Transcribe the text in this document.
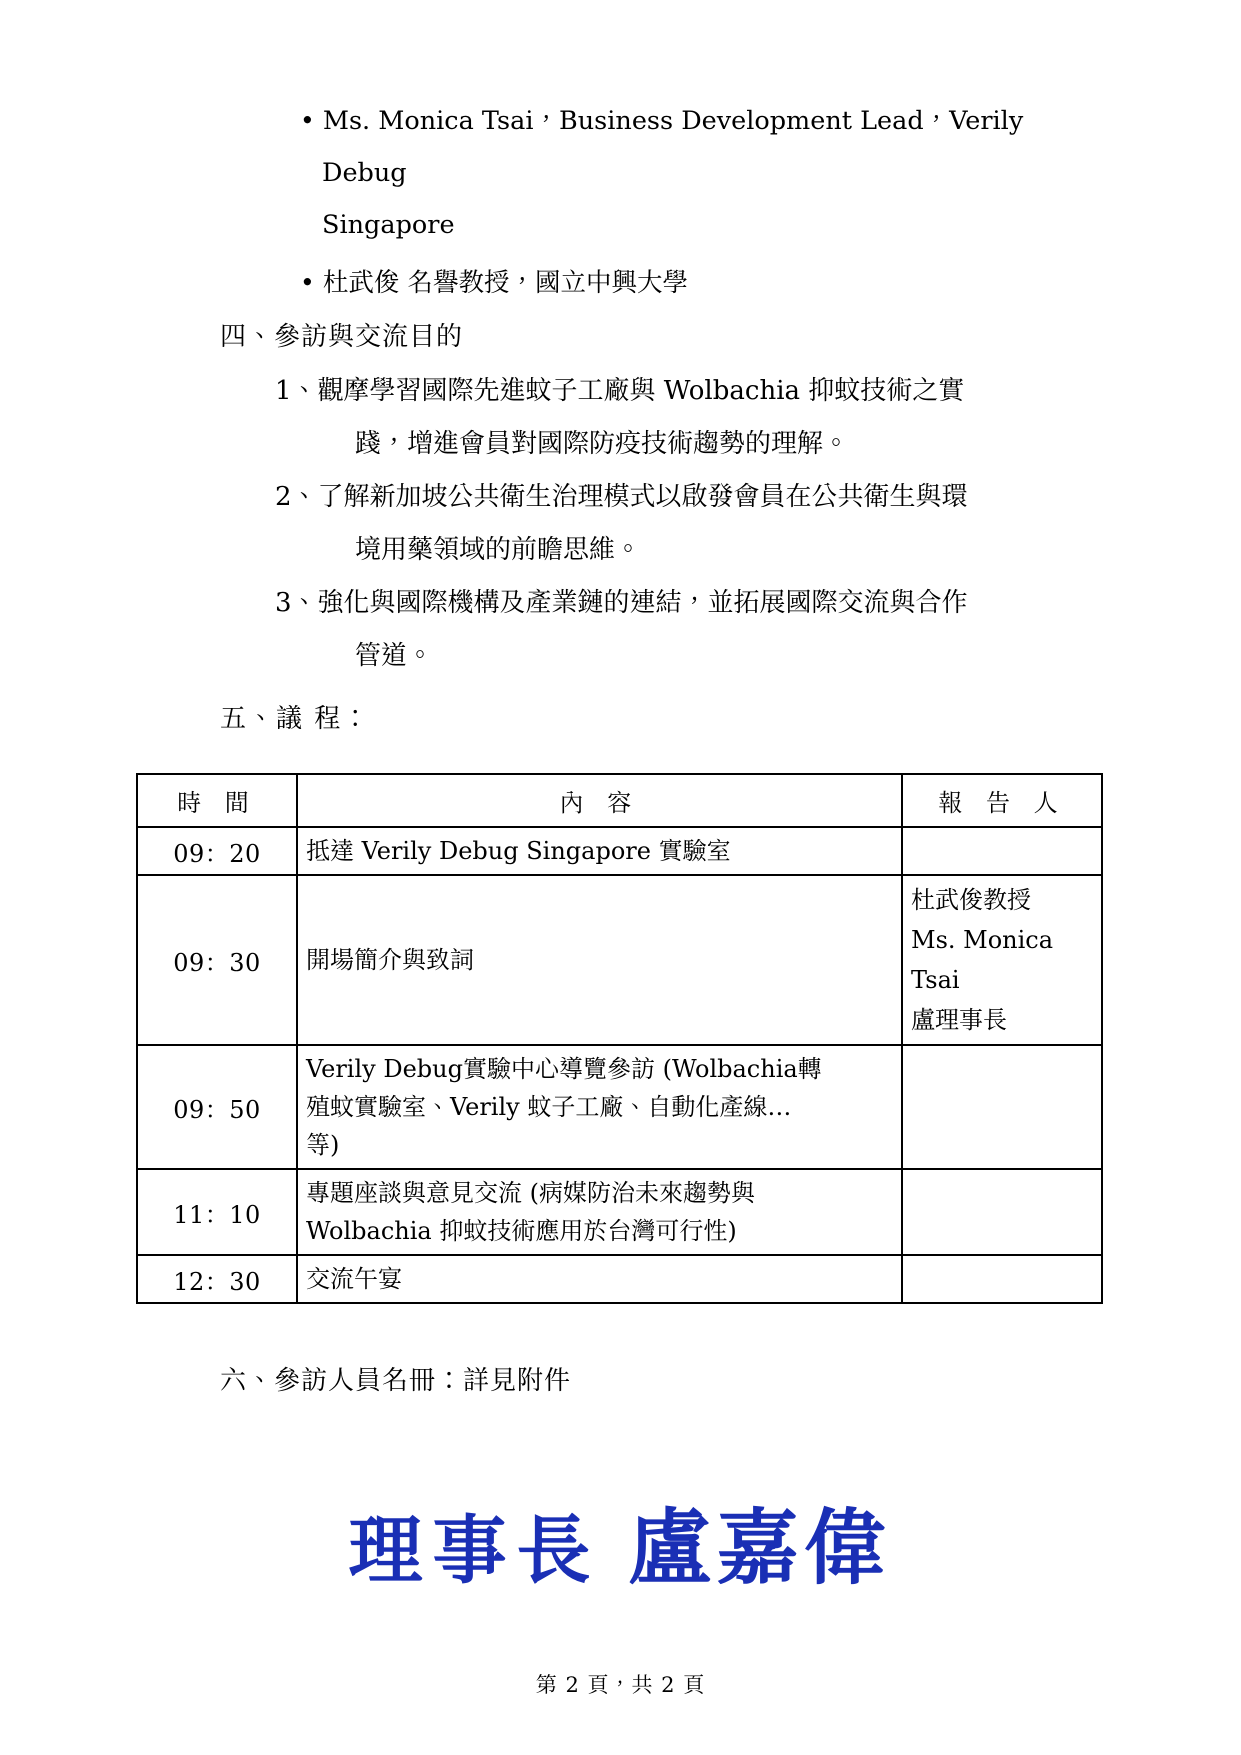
• Ms. Monica Tsai，Business Development Lead，Verily Debug
Singapore
• 杜武俊 名譽教授，國立中興大學
四、參訪與交流目的
1、觀摩學習國際先進蚊子工廠與 Wolbachia 抑蚊技術之實
踐，增進會員對國際防疫技術趨勢的理解。
2、了解新加坡公共衛生治理模式以啟發會員在公共衛生與環
境用藥領域的前瞻思維。
3、強化與國際機構及產業鏈的連結，並拓展國際交流與合作
管道。
五、議 程：
時 間	內 容	報 告 人
09：20	抵達 Verily Debug Singapore 實驗室	

09：30	開場簡介與致詞	杜武俊教授
Ms. Monica Tsai
盧理事長

09：50	Verily Debug實驗中心導覽參訪 (Wolbachia轉
殖蚊實驗室、Verily 蚊子工廠、自動化產線…
等)	

11：10	專題座談與意見交流 (病媒防治未來趨勢與
Wolbachia 抑蚊技術應用於台灣可行性)	

12：30	交流午宴	

六、參訪人員名冊：詳見附件
理事長 盧嘉偉
第 2 頁，共 2 頁
